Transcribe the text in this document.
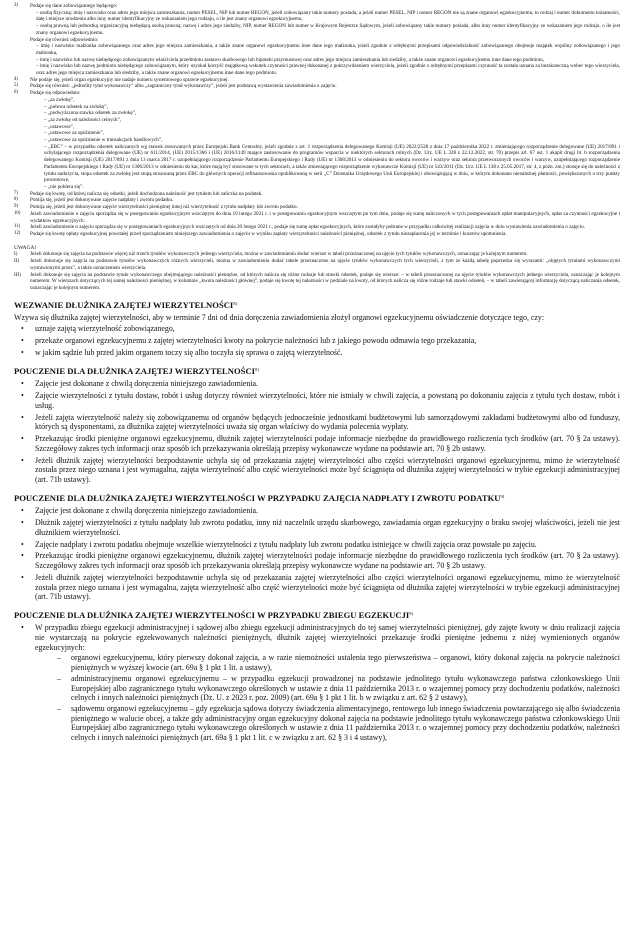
3)	Podaje się dane zobowiązanego będącego:
– osobą fizyczną: imię i nazwisko oraz adres jego miejsca zamieszkania, numer PESEL, NIP lub numer REGON, jeżeli zobowiązany takie numery posiada, a jeżeli numer PESEL, NIP i numer REGON nie są znane organowi egzekucyjnemu, to rodzaj i numer dokumentu tożsamości, datę i miejsce urodzenia albo inny numer identyfikacyjny ze wskazaniem jego rodzaju, o ile jest znany organowi egzekucyjnemu,
– osobą prawną lub jednostką organizacyjną niebędącą osobą prawną: nazwę i adres jego siedziby, NIP, numer REGON lub numer w Krajowym Rejestrze Sądowym, jeżeli zobowiązany takie numery posiada, albo inny numer identyfikacyjny ze wskazaniem jego rodzaju, o ile jest znany organowi egzekucyjnemu.
Podaje się również odpowiednio:
– imię i nazwisko małżonka zobowiązanego oraz adres jego miejsca zamieszkania, a także znane organowi egzekucyjnemu inne dane tego małżonka, jeżeli zgodnie z odrębnymi przepisami odpowiedzialność zobowiązanego obejmuje majątek wspólny zobowiązanego i jego małżonka,
– imię i nazwisko lub nazwę niebędącego zobowiązanym właściciela przedmiotu zastawu skarbowego lub hipoteki przymusowej oraz adres jego miejsca zamieszkania lub siedziby, a także znane organowi egzekucyjnemu inne dane tego podmiotu,
– imię i nazwisko lub nazwę podmiotu niebędącego zobowiązanym, który uzyskał korzyść majątkową wskutek czynności prawnej dokonanej z pokrzywdzeniem wierzyciela, jeżeli zgodnie z odrębnymi przepisami czynność ta została uznana za bezskuteczną wobec tego wierzyciela, oraz adres jego miejsca zamieszkania lub siedziby, a także znane organowi egzekucyjnemu inne dane tego podmiotu.
4)	Nie podaje się, jeżeli organ egzekucyjny nie nadaje numeru systemowego sprawie egzekucyjnej.
5)	Podaje się również: „jednolity tytuł wykonawczy” albo „zagraniczny tytuł wykonawczy”, jeżeli jest podstawą wystawienia zawiadomienia o zajęciu.
6)	Podaje się odpowiednio:
– „za zwłokę”,
– „połowa odsetek za zwłokę”,
– „podwyższona stawka odsetek za zwłokę”,
– „za zwłokę od należności celnych”,
– „ustawowe”,
– „ustawowe za opóźnienie”,
– „ustawowe za opóźnienie w transakcjach handlowych”,
– „EBC” – w przypadku odsetek naliczanych wg stawek stosowanych przez Europejski Bank Centralny, jeżeli zgodnie z art. 1 rozporządzenia delegowanego Komisji (UE) 2022/2528 z dnia 17 października 2022 r. zmieniającego rozporządzenie delegowane (UE) 2017/891 i uchylającego rozporządzenia delegowane (UE) nr 611/2014, (UE) 2015/1366 i (UE) 2016/1149 mające zastosowanie do programów wsparcia w niektórych sektorach rolnych (Dz. Urz. UE L 328 z 22.12.2022, str. 70) przepis art. 67 ust. 1 akapit drugi lit. b rozporządzenia delegowanego Komisji (UE) 2017/891 z dnia 13 marca 2017 r. uzupełniającego rozporządzenie Parlamentu Europejskiego i Rady (UE) nr 1308/2013 w odniesieniu do sektora owoców i warzyw oraz sektora przetworzonych owoców i warzyw, uzupełniającego rozporządzenie Parlamentu Europejskiego i Rady (UE) nr 1306/2013 w odniesieniu do kar, które mają być stosowane w tych sektorach, a także zmieniającego rozporządzenie wykonawcze Komisji (UE) nr 543/2011 (Dz. Urz. UE L 138 z 25.05.2017, str. 4, z późn. zm.) stosuje się do należności z tytułu nadużycia, stopa odsetek za zwłokę jest stopą stosowaną przez EBC do głównych operacji refinansowania opublikowaną w serii „C” Dziennika Urzędowego Unii Europejskiej i obowiązującą w dniu, w którym dokonano nienależnej płatności, powiększonych o trzy punkty procentowe,
– „nie pobiera się”.
7)	Podaje się kwotę, od której nalicza się odsetki, jeżeli dochodzona należność jest tytułem lub zaliczka na podatek.
8)	Pomija się, jeżeli jest dokonywane zajęcie nadpłaty i zwrotu podatku.
9)	Pomija się, jeżeli jest dokonywane zajęcie wierzytelności pieniężnej innej niż wierzytelność z tytułu nadpłaty lub zwrotu podatku.
10)	Jeżeli zawiadomienie o zajęciu sporządza się w postępowaniu egzekucyjnym wszczętym do dnia 19 lutego 2021 r. i w postępowaniu egzekucyjnym wszczętym po tym dniu, podaje się sumę naliczonych w tych postępowaniach opłat manipulacyjnych, opłat za czynności egzekucyjne i wydatków egzekucyjnych.
11)	Jeżeli zawiadomienie o zajęciu sporządza się w postępowaniach egzekucyjnych wszczętych od dnia 20 lutego 2021 r., podaje się sumę opłat egzekucyjnych, które zostałyby pobrane w przypadku całkowitej realizacji zajęcia w dniu wystawienia zawiadomienia o zajęciu.
12)	Podaje się kwotę opłaty egzekucyjnej powstałej przed sporządzeniem niniejszego zawiadomienia o zajęciu w wyniku zapłaty wierzytelności należności pieniężnej, odsetek z tytułu niezapłacenia jej w terminie i kosztów upomnienia.
UWAGA!
I)	Jeżeli dokonuje się zajęcia na podstawie więcej niż trzech tytułów wykonawczych jednego wierzyciela, można w zawiadomieniu dodać wiersze w tabeli przeznaczonej na ujęcie tych tytułów wykonawczych, oznaczając je kolejnym numerem.
II)	Jeżeli dokonuje się zajęcia na podstawie tytułów wykonawczych różnych wierzycieli, można w zawiadomieniu dodać tabele przeznaczone na ujęcie tytułów wykonawczych tych wierzycieli, z tym że każdą tabelę poprzedza się wyrazami: „objętych tytułami wykonawczymi wystawionymi przez”, a także oznaczeniem wierzyciela.
III)	Jeżeli dokonuje się zajęcia na podstawie tytułu wykonawczego obejmującego należności pieniężne, od których nalicza się różne rodzaje lub stawki odsetek, podaje się wiersze: – w tabeli przeznaczonej na ujęcie tytułów wykonawczych jednego wierzyciela, oznaczając je kolejnym numerem. W wierszach dotyczących tej samej należności pieniężnej, w kolumnie „kwota należności głównej”, podaje się kwotę tej należności w podziale na kwoty, od których nalicza się różne rodzaje lub stawki odsetek, – w tabeli zawierającej informację dotyczącą naliczania odsetek, oznaczając je kolejnym numerem.
WEZWANIE DŁUŻNIKA ZAJĘTEJ WIERZYTELNOŚCI$^{8)}$

Wzywa się dłużnika zajętej wierzytelności, aby w terminie 7 dni od dnia doręczenia zawiadomienia złożył organowi egzekucyjnemu oświadczenie dotyczące tego, czy:

• uznaje zajętą wierzytelność zobowiązanego,
• przekaże organowi egzekucyjnemu z zajętej wierzytelności kwoty na pokrycie należności lub z jakiego powodu odmawia tego przekazania,
• w jakim sądzie lub przed jakim organem toczy się albo toczyła się sprawa o zajętą wierzytelność.
POUCZENIE DLA DŁUŻNIKA ZAJĘTEJ WIERZYTELNOŚCI$^{8)}$
• Zajęcie jest dokonane z chwilą doręczenia niniejszego zawiadomienia.
• Zajęcie wierzytelności z tytułu dostaw, robót i usług dotyczy również wierzytelności, które nie istniały w chwili zajęcia, a powstaną po dokonaniu zajęcia z tytułu tych dostaw, robót i usług.
• Jeżeli zajęta wierzytelność należy się zobowiązanemu od organów będących jednocześnie jednostkami budżetowymi lub samorządowymi zakładami budżetowymi albo od funduszy, których są dysponentami, za dłużnika zajętej wierzytelności uważa się organ właściwy do wydania polecenia wypłaty.
• Przekazując środki pieniężne organowi egzekucyjnemu, dłużnik zajętej wierzytelności podaje informacje niezbędne do prawidłowego rozliczenia tych środków (art. 70 § 2a ustawy). Szczegółowy zakres tych informacji oraz sposób ich przekazywania określają przepisy wykonawcze wydane na podstawie art. 70 § 2b ustawy.
• Jeżeli dłużnik zajętej wierzytelności bezpodstawnie uchyla się od przekazania zajętej wierzytelności albo części wierzytelności organowi egzekucyjnemu, mimo że wierzytelność została przez niego uznana i jest wymagalna, zajęta wierzytelność albo część wierzytelności może być ściągnięta od dłużnika zajętej wierzytelności w trybie egzekucji administracyjnej (art. 71b ustawy).
POUCZENIE DLA DŁUŻNIKA ZAJĘTEJ WIERZYTELNOŚCI W PRZYPADKU ZAJĘCIA NADPŁATY I ZWROTU PODATKU$^{9)}$
• Zajęcie jest dokonane z chwilą doręczenia niniejszego zawiadomienia.
• Dłużnik zajętej wierzytelności z tytułu nadpłaty lub zwrotu podatku, inny niż naczelnik urzędu skarbowego, zawiadamia organ egzekucyjny o braku swojej właściwości, jeżeli nie jest dłużnikiem wierzytelności.
• Zajęcie nadpłaty i zwrotu podatku obejmuje wszelkie wierzytelności z tytułu nadpłaty lub zwrotu podatku istniejące w chwili zajęcia oraz powstałe po zajęciu.
• Przekazując środki pieniężne organowi egzekucyjnemu, dłużnik zajętej wierzytelności podaje informacje niezbędne do prawidłowego rozliczenia tych środków (art. 70 § 2a ustawy). Szczegółowy zakres tych informacji oraz sposób ich przekazywania określają przepisy wykonawcze wydane na podstawie art. 70 § 2b ustawy.
• Jeżeli dłużnik zajętej wierzytelności bezpodstawnie uchyla się od przekazania zajętej wierzytelności albo części wierzytelności organowi egzekucyjnemu, mimo że wierzytelność została przez niego uznana i jest wymagalna, zajęta wierzytelność albo część wierzytelności może być ściągnięta od dłużnika zajętej wierzytelności w trybie egzekucji administracyjnej (art. 71b ustawy).
POUCZENIE DLA DŁUŻNIKA ZAJĘTEJ WIERZYTELNOŚCI W PRZYPADKU ZBIEGU EGZEKUCJI$^{8)}$
• W przypadku zbiegu egzekucji administracyjnej i sądowej albo zbiegu egzekucji administracyjnych do tej samej wierzytelności pieniężnej, gdy zajęte kwoty w dniu realizacji zajęcia nie wystarczają na pokrycie egzekwowanych należności pieniężnych, dłużnik zajętej wierzytelności przekazuje środki pieniężne jednemu z niżej wymienionych organów egzekucyjnych:
– organowi egzekucyjnemu, który pierwszy dokonał zajęcia, a w razie niemożności ustalenia tego pierwszeństwa – organowi, który dokonał zajęcia na pokrycie należności pieniężnych w wyższej kwocie (art. 69a § 1 pkt 1 lit. a ustawy),
– administracyjnemu organowi egzekucyjnemu – w przypadku egzekucji prowadzonej na podstawie jednolitego tytułu wykonawczego państwa członkowskiego Unii Europejskiej albo zagranicznego tytułu wykonawczego określonych w ustawie z dnia 11 października 2013 r. o wzajemnej pomocy przy dochodzeniu podatków, należności celnych i innych należności pieniężnych (Dz. U. z 2023 r. poz. 2009) (art. 69a § 1 pkt 1 lit. b w związku z art. 62 § 2 ustawy),
– sądowemu organowi egzekucyjnemu – gdy egzekucja sądowa dotyczy świadczenia alimentacyjnego, rentowego lub innego świadczenia powtarzającego się albo świadczenia pieniężnego w walucie obcej, a także gdy administracyjny organ egzekucyjny dokonał zajęcia na podstawie jednolitego tytułu wykonawczego państwa członkowskiego Unii Europejskiej albo zagranicznego tytułu wykonawczego określonych w ustawie z dnia 11 października 2013 r. o wzajemnej pomocy przy dochodzeniu podatków, należności celnych i innych należności pieniężnych (art. 69a § 1 pkt 1 lit. c w związku z art. 62 § 3 i 4 ustawy),
